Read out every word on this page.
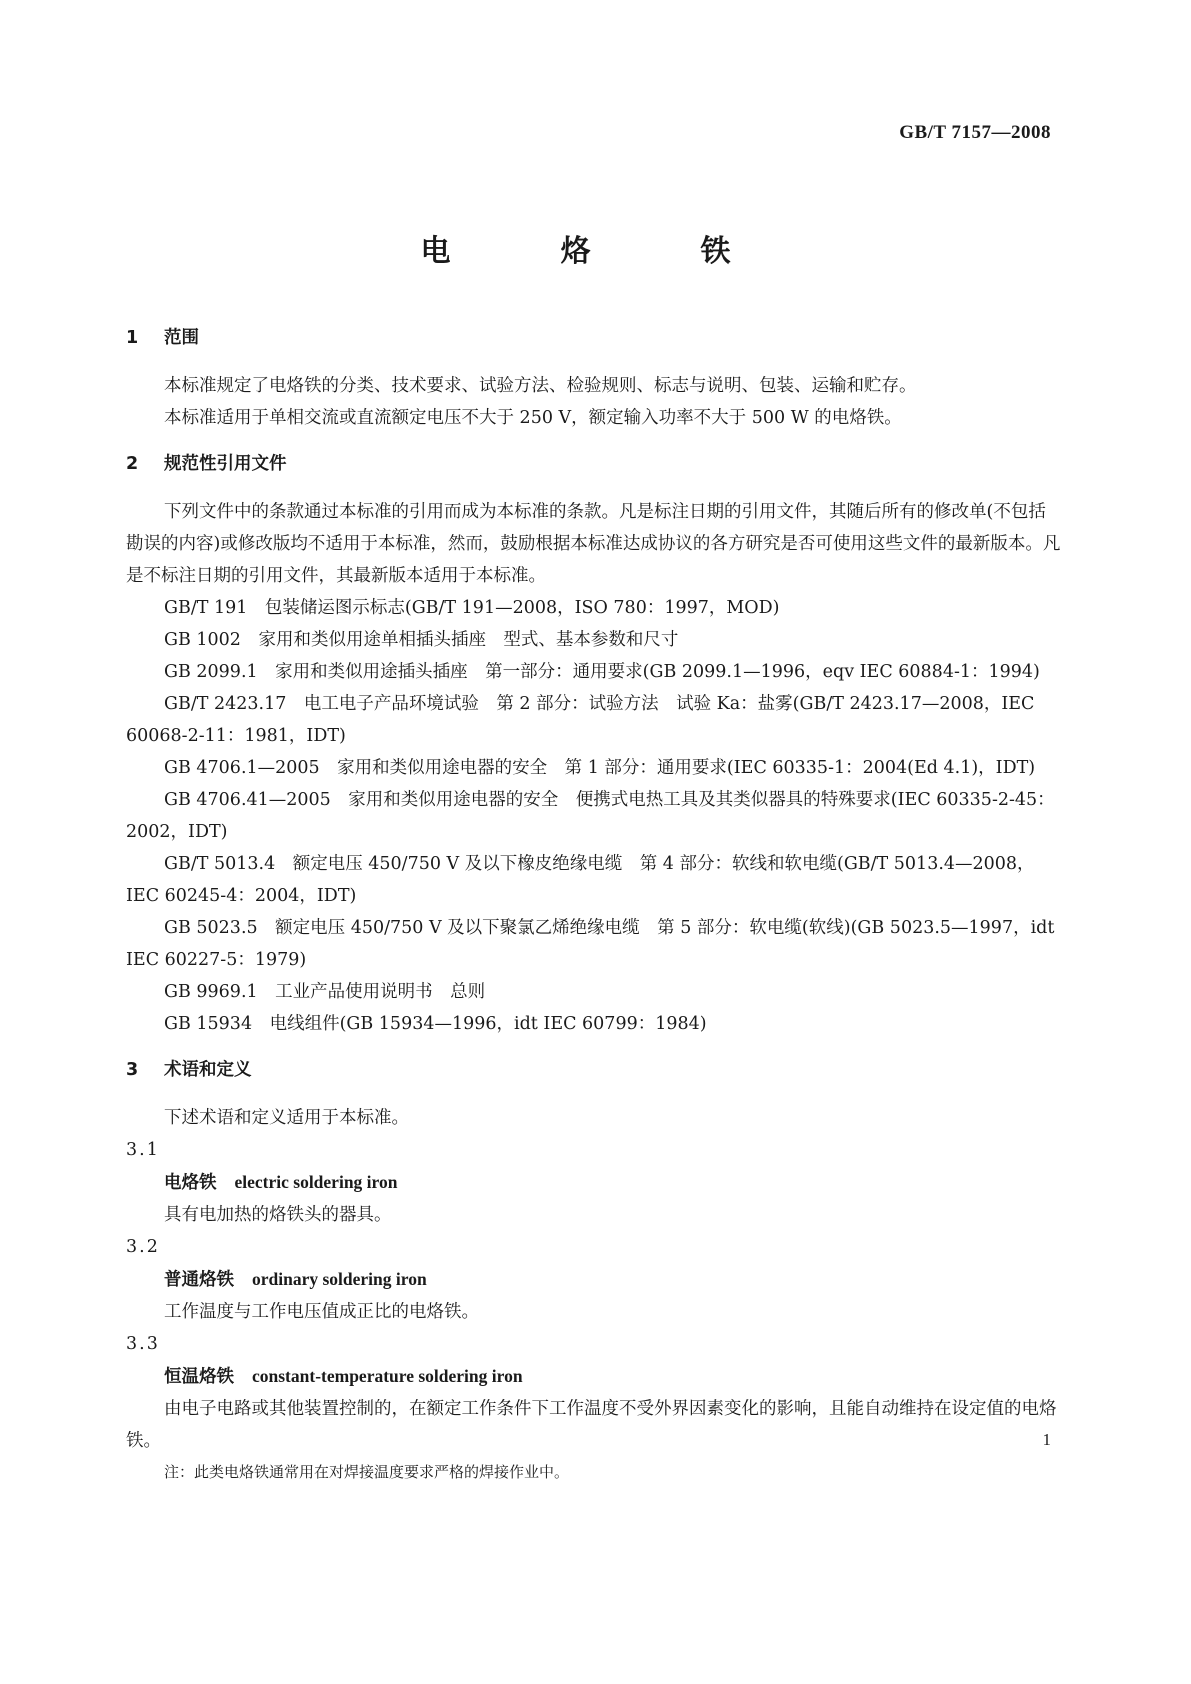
GB/T 7157—2008
电　烙　铁
1 范围

本标准规定了电烙铁的分类、技术要求、试验方法、检验规则、标志与说明、包装、运输和贮存。

本标准适用于单相交流或直流额定电压不大于 250 V，额定输入功率不大于 500 W 的电烙铁。

2 规范性引用文件

下列文件中的条款通过本标准的引用而成为本标准的条款。凡是标注日期的引用文件，其随后所有的修改单(不包括勘误的内容)或修改版均不适用于本标准，然而，鼓励根据本标准达成协议的各方研究是否可使用这些文件的最新版本。凡是不标注日期的引用文件，其最新版本适用于本标准。

GB/T 191　包装储运图示标志(GB/T 191—2008，ISO 780：1997，MOD)

GB 1002　家用和类似用途单相插头插座　型式、基本参数和尺寸

GB 2099.1　家用和类似用途插头插座　第一部分：通用要求(GB 2099.1—1996，eqv IEC 60884-1：1994)

GB/T 2423.17　电工电子产品环境试验　第 2 部分：试验方法　试验 Ka：盐雾(GB/T 2423.17—2008，IEC 60068-2-11：1981，IDT)

GB 4706.1—2005　家用和类似用途电器的安全　第 1 部分：通用要求(IEC 60335-1：2004(Ed 4.1)，IDT)

GB 4706.41—2005　家用和类似用途电器的安全　便携式电热工具及其类似器具的特殊要求(IEC 60335-2-45：2002，IDT)

GB/T 5013.4　额定电压 450/750 V 及以下橡皮绝缘电缆　第 4 部分：软线和软电缆(GB/T 5013.4—2008，IEC 60245-4：2004，IDT)

GB 5023.5　额定电压 450/750 V 及以下聚氯乙烯绝缘电缆　第 5 部分：软电缆(软线)(GB 5023.5—1997，idt IEC 60227-5：1979)

GB 9969.1　工业产品使用说明书　总则

GB 15934　电线组件(GB 15934—1996，idt IEC 60799：1984)

3 术语和定义

下述术语和定义适用于本标准。

3.1

电烙铁 electric soldering iron

具有电加热的烙铁头的器具。

3.2

普通烙铁 ordinary soldering iron

工作温度与工作电压值成正比的电烙铁。

3.3

恒温烙铁 constant-temperature soldering iron

由电子电路或其他装置控制的，在额定工作条件下工作温度不受外界因素变化的影响，且能自动维持在设定值的电烙铁。

注：此类电烙铁通常用在对焊接温度要求严格的焊接作业中。

1
